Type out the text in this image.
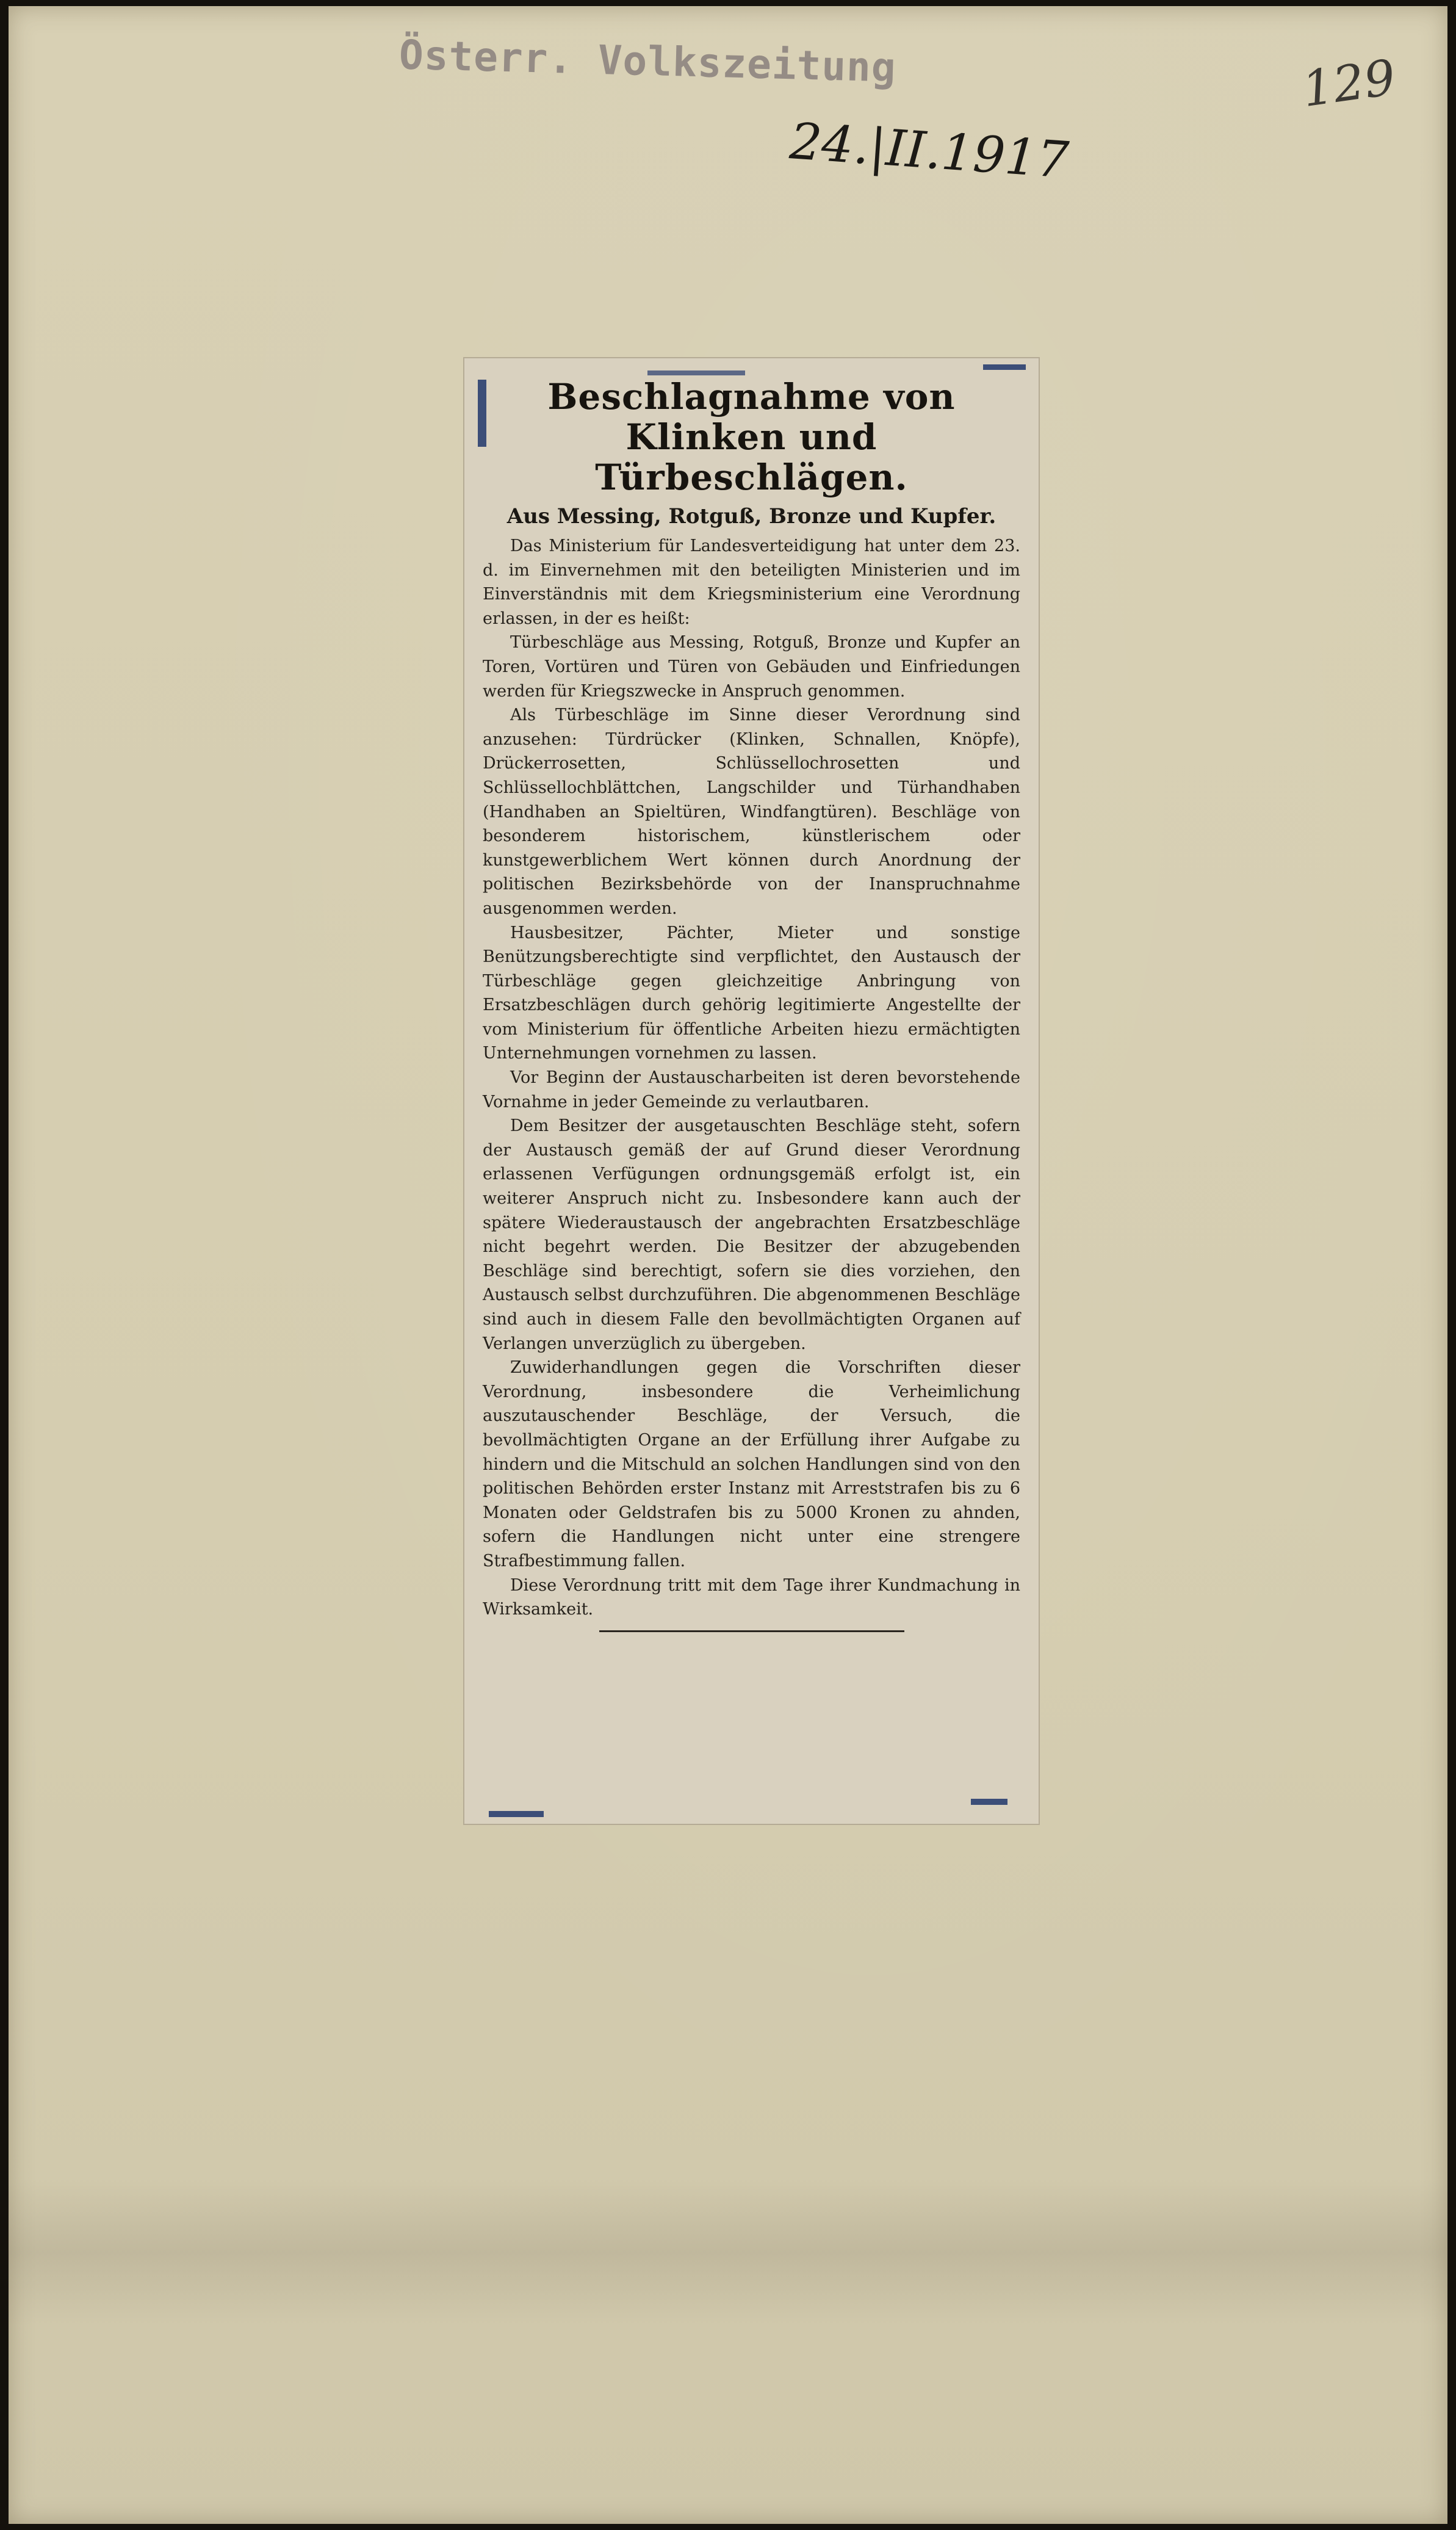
Österr. Volkszeitung
24.|II.1917
129
Beschlagnahme von Klinken und Türbeschlägen.
Aus Messing, Rotguß, Bronze und Kupfer.

Das Ministerium für Landesverteidigung hat unter dem 23. d. im Einvernehmen mit den beteiligten Ministerien und im Einverständnis mit dem Kriegsministerium eine Verordnung erlassen, in der es heißt:

Türbeschläge aus Messing, Rotguß, Bronze und Kupfer an Toren, Vortüren und Türen von Gebäuden und Einfriedungen werden für Kriegszwecke in Anspruch genommen.

Als Türbeschläge im Sinne dieser Verordnung sind anzusehen: Türdrücker (Klinken, Schnallen, Knöpfe), Drückerrosetten, Schlüssellochrosetten und Schlüssellochblättchen, Langschilder und Türhandhaben (Handhaben an Spieltüren, Windfangtüren). Beschläge von besonderem historischem, künstlerischem oder kunstgewerblichem Wert können durch Anordnung der politischen Bezirksbehörde von der Inanspruchnahme ausgenommen werden.

Hausbesitzer, Pächter, Mieter und sonstige Benützungsberechtigte sind verpflichtet, den Austausch der Türbeschläge gegen gleichzeitige Anbringung von Ersatzbeschlägen durch gehörig legitimierte Angestellte der vom Ministerium für öffentliche Arbeiten hiezu ermächtigten Unternehmungen vornehmen zu lassen.

Vor Beginn der Austauscharbeiten ist deren bevorstehende Vornahme in jeder Gemeinde zu verlautbaren.

Dem Besitzer der ausgetauschten Beschläge steht, sofern der Austausch gemäß der auf Grund dieser Verordnung erlassenen Verfügungen ordnungsgemäß erfolgt ist, ein weiterer Anspruch nicht zu. Insbesondere kann auch der spätere Wiederaustausch der angebrachten Ersatzbeschläge nicht begehrt werden. Die Besitzer der abzugebenden Beschläge sind berechtigt, sofern sie dies vorziehen, den Austausch selbst durchzuführen. Die abgenommenen Beschläge sind auch in diesem Falle den bevollmächtigten Organen auf Verlangen unverzüglich zu übergeben.

Zuwiderhandlungen gegen die Vorschriften dieser Verordnung, insbesondere die Verheimlichung auszutauschender Beschläge, der Versuch, die bevollmächtigten Organe an der Erfüllung ihrer Aufgabe zu hindern und die Mitschuld an solchen Handlungen sind von den politischen Behörden erster Instanz mit Arreststrafen bis zu 6 Monaten oder Geldstrafen bis zu 5000 Kronen zu ahnden, sofern die Handlungen nicht unter eine strengere Strafbestimmung fallen.

Diese Verordnung tritt mit dem Tage ihrer Kundmachung in Wirksamkeit.
